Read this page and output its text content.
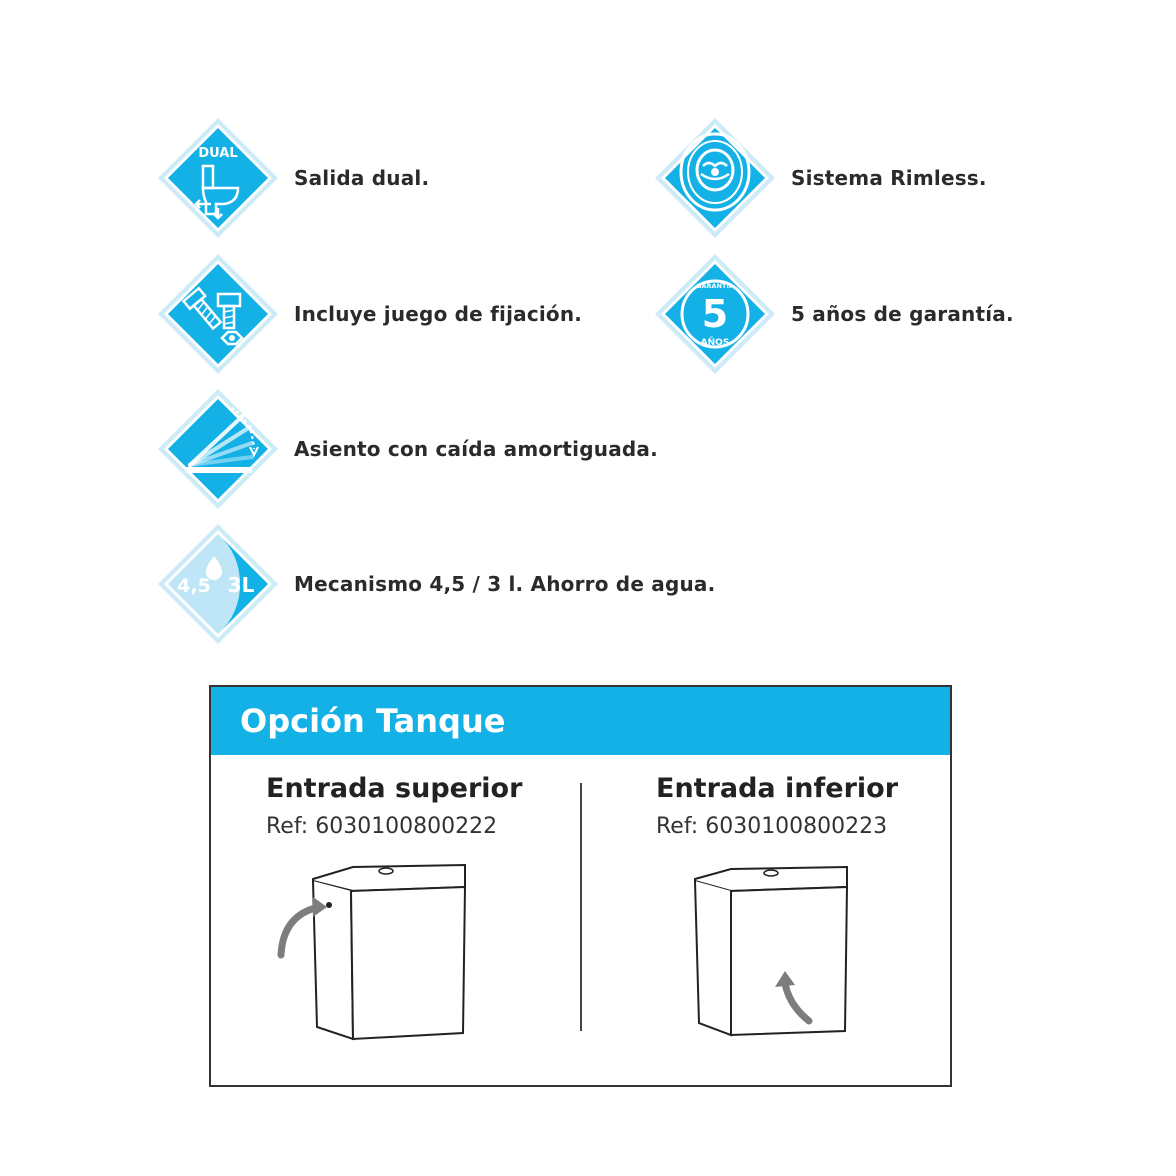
DUAL
Salida dual.	Sistema Rimless.
Incluye juego de fijación.
GARANTÍA
5
AÑOS
5 años de garantía.
Asiento con caída amortiguada.
4,5 3L Mecanismo 4,5 / 3 l. Ahorro de agua.
Opción Tanque
Entrada superior
Ref: 6030100800222
Entrada inferior
Ref: 6030100800223
